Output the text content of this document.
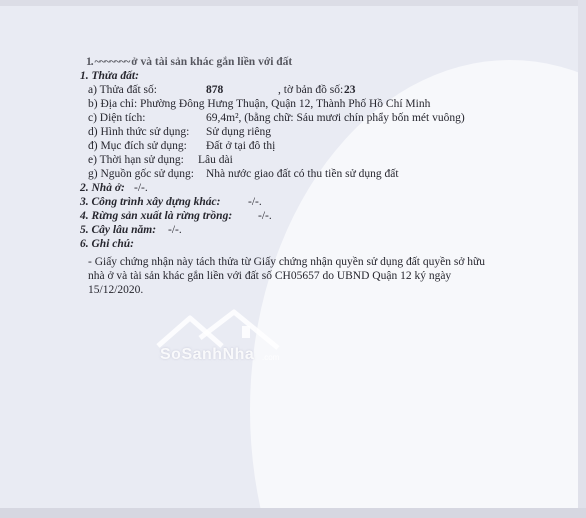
SoSanhNha .com
1. ~~~~~~~ ở và tài sản khác gắn liền với đất
1. Thửa đất:
a) Thửa đất số:	878	, tờ bản đồ số: 23
b) Địa chỉ: Phường Đông Hưng Thuận, Quận 12, Thành Phố Hồ Chí Minh
c) Diện tích:	69,4m², (bằng chữ: Sáu mươi chín phẩy bốn mét vuông)
d) Hình thức sử dụng: Sử dụng riêng
đ) Mục đích sử dụng: Đất ở tại đô thị
e) Thời hạn sử dụng: Lâu dài
g) Nguồn gốc sử dụng: Nhà nước giao đất có thu tiền sử dụng đất
2. Nhà ở: -/-.
3. Công trình xây dựng khác: -/-.
4. Rừng sản xuất là rừng trồng: -/-.
5. Cây lâu năm: -/-.
6. Ghi chú:
- Giấy chứng nhận này tách thửa từ Giấy chứng nhận quyền sử dụng đất quyền sở hữu
nhà ở và tài sản khác gắn liền với đất số CH05657 do UBND Quận 12 ký ngày
15/12/2020.
